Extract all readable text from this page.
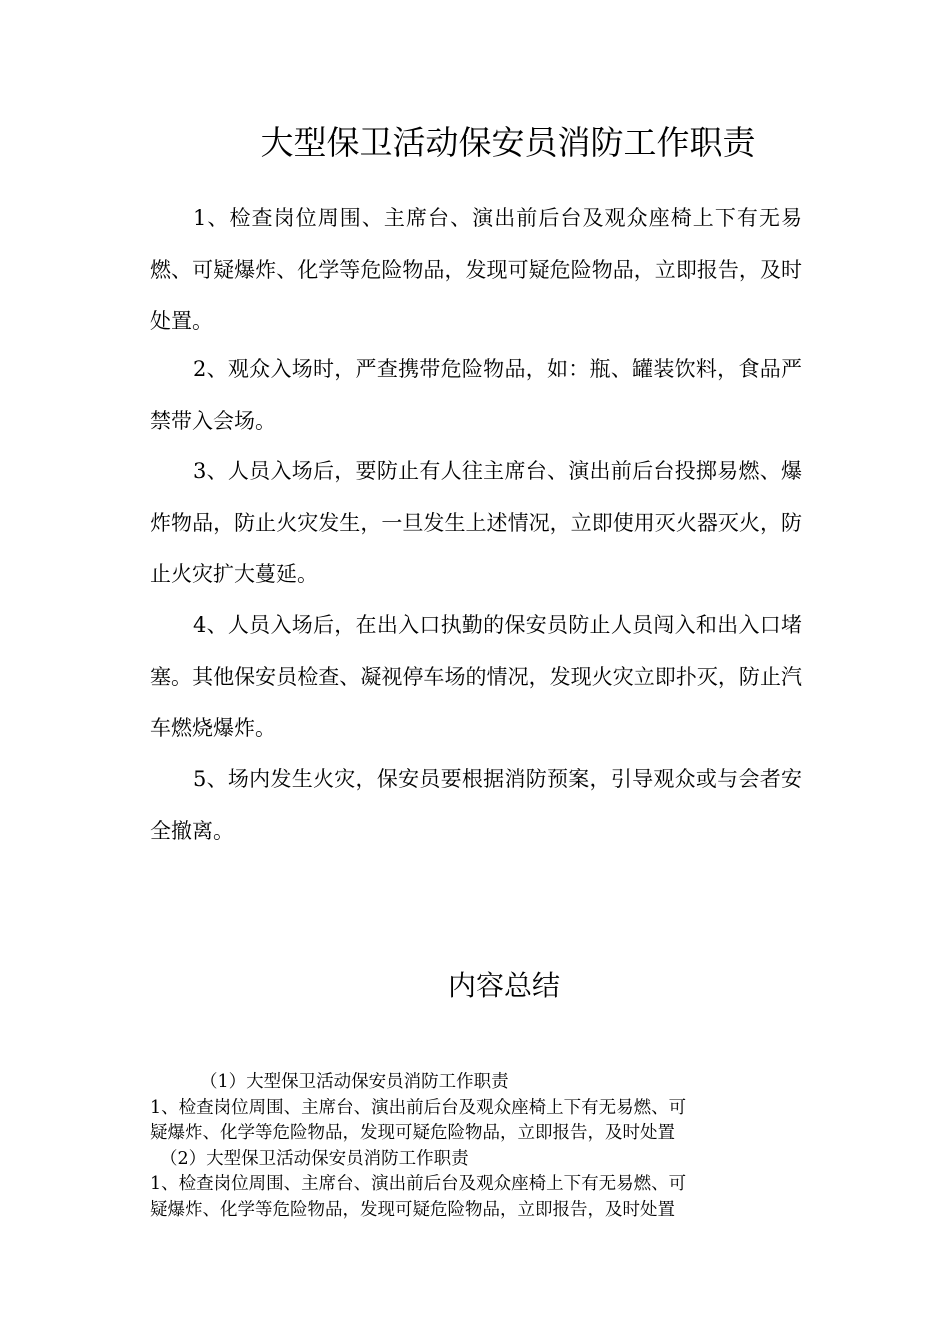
大型保卫活动保安员消防工作职责

1、检查岗位周围、主席台、演出前后台及观众座椅上下有无易燃、可疑爆炸、化学等危险物品，发现可疑危险物品，立即报告，及时处置。

2、观众入场时，严查携带危险物品，如：瓶、罐装饮料，食品严禁带入会场。

3、人员入场后，要防止有人往主席台、演出前后台投掷易燃、爆炸物品，防止火灾发生，一旦发生上述情况，立即使用灭火器灭火，防止火灾扩大蔓延。

4、人员入场后，在出入口执勤的保安员防止人员闯入和出入口堵塞。其他保安员检查、凝视停车场的情况，发现火灾立即扑灭，防止汽车燃烧爆炸。

5、场内发生火灾，保安员要根据消防预案，引导观众或与会者安全撤离。

内容总结
（1）大型保卫活动保安员消防工作职责
1、检查岗位周围、主席台、演出前后台及观众座椅上下有无易燃、可
疑爆炸、化学等危险物品，发现可疑危险物品，立即报告，及时处置
（2）大型保卫活动保安员消防工作职责
1、检查岗位周围、主席台、演出前后台及观众座椅上下有无易燃、可
疑爆炸、化学等危险物品，发现可疑危险物品，立即报告，及时处置
